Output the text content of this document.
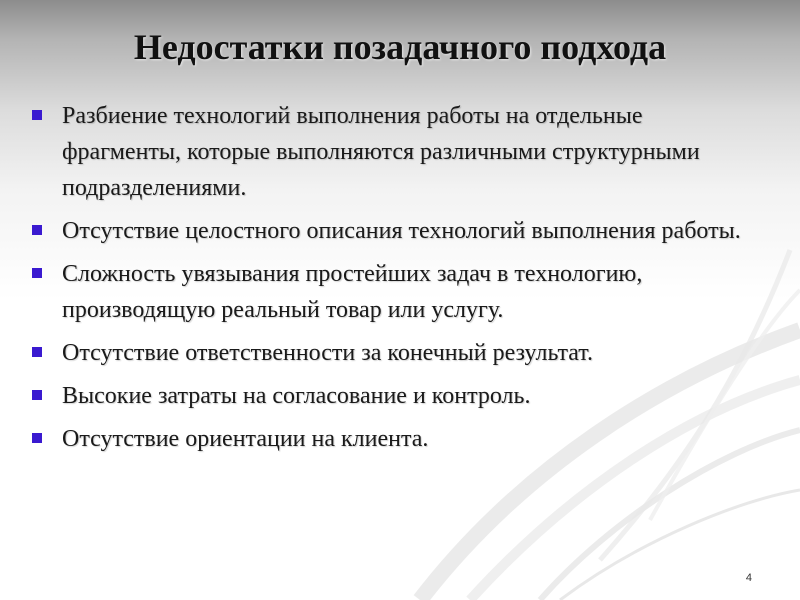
Недостатки позадачного подхода
Разбиение технологий выполнения работы на отдельные фрагменты, которые выполняются различными структурными подразделениями.
Отсутствие целостного описания технологий выполнения работы.
Сложность увязывания простейших задач в технологию, производящую реальный товар или услугу.
Отсутствие ответственности за конечный результат.
Высокие затраты на согласование и контроль.
Отсутствие ориентации на клиента.
4
